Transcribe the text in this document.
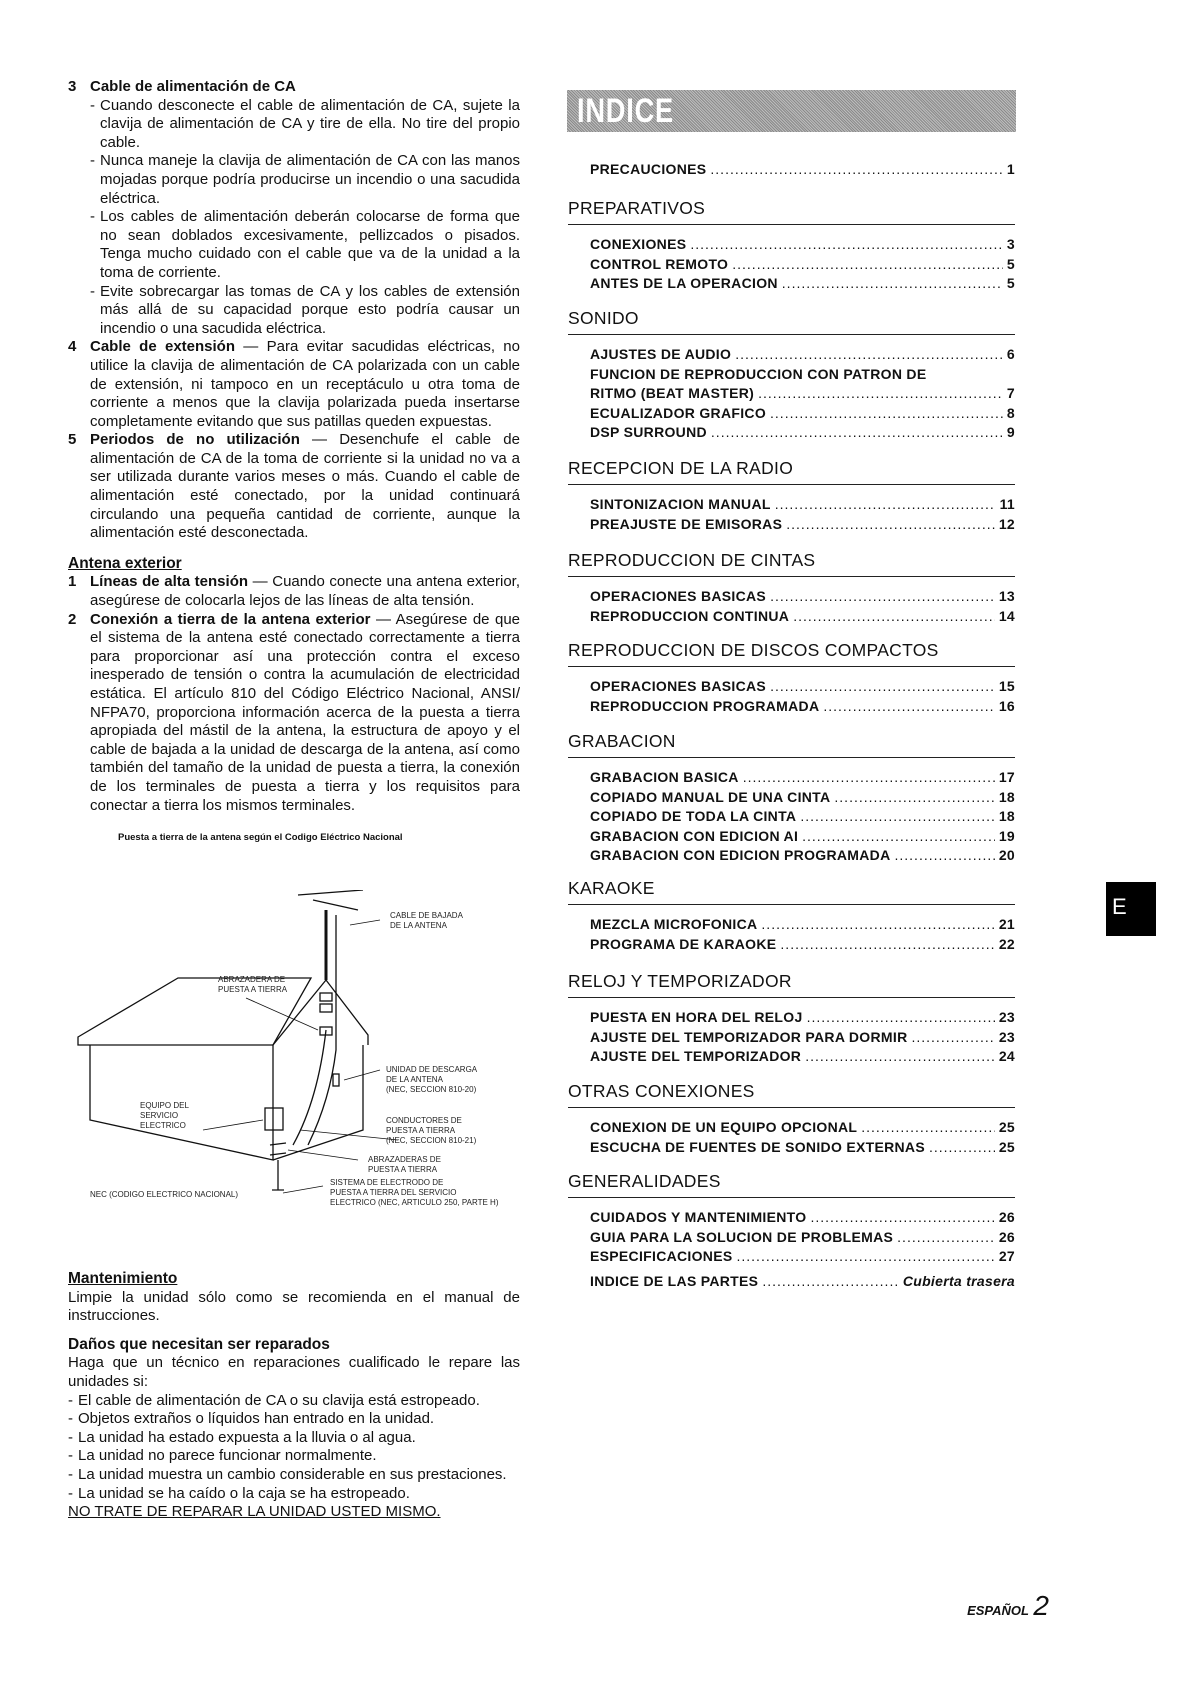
3 Cable de alimentación de CA
- Cuando desconecte el cable de alimentación de CA, sujete la clavija de alimentación de CA y tire de ella. No tire del propio cable.
- Nunca maneje la clavija de alimentación de CA con las manos mojadas porque podría producirse un incendio o una sacudida eléctrica.
- Los cables de alimentación deberán colocarse de forma que no sean doblados excesivamente, pellizcados o pisados. Tenga mucho cuidado con el cable que va de la unidad a la toma de corriente.
- Evite sobrecargar las tomas de CA y los cables de extensión más allá de su capacidad porque esto podría causar un incendio o una sacudida eléctrica.
4 Cable de extensión — Para evitar sacudidas eléctricas, no utilice la clavija de alimentación de CA polarizada con un cable de extensión, ni tampoco en un receptáculo u otra toma de corriente a menos que la clavija polarizada pueda insertarse completamente evitando que sus patillas queden expuestas.
5 Periodos de no utilización — Desenchufe el cable de alimentación de CA de la toma de corriente si la unidad no va a ser utilizada durante varios meses o más. Cuando el cable de alimentación esté conectado, por la unidad continuará circulando una pequeña cantidad de corriente, aunque la alimentación esté desconectada.
Antena exterior
1 Líneas de alta tensión — Cuando conecte una antena exterior, asegúrese de colocarla lejos de las líneas de alta tensión.
2 Conexión a tierra de la antena exterior — Asegúrese de que el sistema de la antena esté conectado correctamente a tierra para proporcionar así una protección contra el exceso inesperado de tensión o contra la acumulación de electricidad estática. El artículo 810 del Código Eléctrico Nacional, ANSI/ NFPA70, proporciona información acerca de la puesta a tierra apropiada del mástil de la antena, la estructura de apoyo y el cable de bajada a la unidad de descarga de la antena, así como también del tamaño de la unidad de puesta a tierra, la conexión de los terminales de puesta a tierra y los requisitos para conectar a tierra los mismos terminales.
Puesta a tierra de la antena según el Codigo Eléctrico Nacional
CABLE DE BAJADA DE LA ANTENA
ABRAZADERA DE PUESTA A TIERRA
UNIDAD DE DESCARGA DE LA ANTENA (NEC, SECCION 810-20)
EQUIPO DEL SERVICIO ELECTRICO
CONDUCTORES DE PUESTA A TIERRA (NEC, SECCION 810-21)
ABRAZADERAS DE PUESTA A TIERRA
SISTEMA DE ELECTRODO DE PUESTA A TIERRA DEL SERVICIO ELECTRICO (NEC, ARTICULO 250, PARTE H)
NEC (CODIGO ELECTRICO NACIONAL)
Mantenimiento
Limpie la unidad sólo como se recomienda en el manual de instrucciones.
Daños que necesitan ser reparados
Haga que un técnico en reparaciones cualificado le repare las unidades si:
- El cable de alimentación de CA o su clavija está estropeado.
- Objetos extraños o líquidos han entrado en la unidad.
- La unidad ha estado expuesta a la lluvia o al agua.
- La unidad no parece funcionar normalmente.
- La unidad muestra un cambio considerable en sus prestaciones.
- La unidad se ha caído o la caja se ha estropeado.
NO TRATE DE REPARAR LA UNIDAD USTED MISMO.
INDICE
PRECAUCIONES .....	1
PREPARATIVOS
CONEXIONES .....	3
CONTROL REMOTO .....	5
ANTES DE LA OPERACION .....	5
SONIDO
AJUSTES DE AUDIO .....	6
FUNCION DE REPRODUCCION CON PATRON DE
RITMO (BEAT MASTER) .....	7
ECUALIZADOR GRAFICO .....	8
DSP SURROUND .....	9
RECEPCION DE LA RADIO
SINTONIZACION MANUAL .....	11
PREAJUSTE DE EMISORAS .....	12
REPRODUCCION DE CINTAS
OPERACIONES BASICAS .....	13
REPRODUCCION CONTINUA .....	14
REPRODUCCION DE DISCOS COMPACTOS
OPERACIONES BASICAS .....	15
REPRODUCCION PROGRAMADA .....	16
GRABACION
GRABACION BASICA .....	17
COPIADO MANUAL DE UNA CINTA .....	18
COPIADO DE TODA LA CINTA .....	18
GRABACION CON EDICION AI .....	19
GRABACION CON EDICION PROGRAMADA .....	20
KARAOKE
MEZCLA MICROFONICA .....	21
PROGRAMA DE KARAOKE .....	22
RELOJ Y TEMPORIZADOR
PUESTA EN HORA DEL RELOJ .....	23
AJUSTE DEL TEMPORIZADOR PARA DORMIR .....	23
AJUSTE DEL TEMPORIZADOR .....	24
OTRAS CONEXIONES
CONEXION DE UN EQUIPO OPCIONAL .....	25
ESCUCHA DE FUENTES DE SONIDO EXTERNAS .....	25
GENERALIDADES
CUIDADOS Y MANTENIMIENTO .....	26
GUIA PARA LA SOLUCION DE PROBLEMAS .....	26
ESPECIFICACIONES .....	27
INDICE DE LAS PARTES .....	Cubierta trasera
E
ESPAÑOL 2
